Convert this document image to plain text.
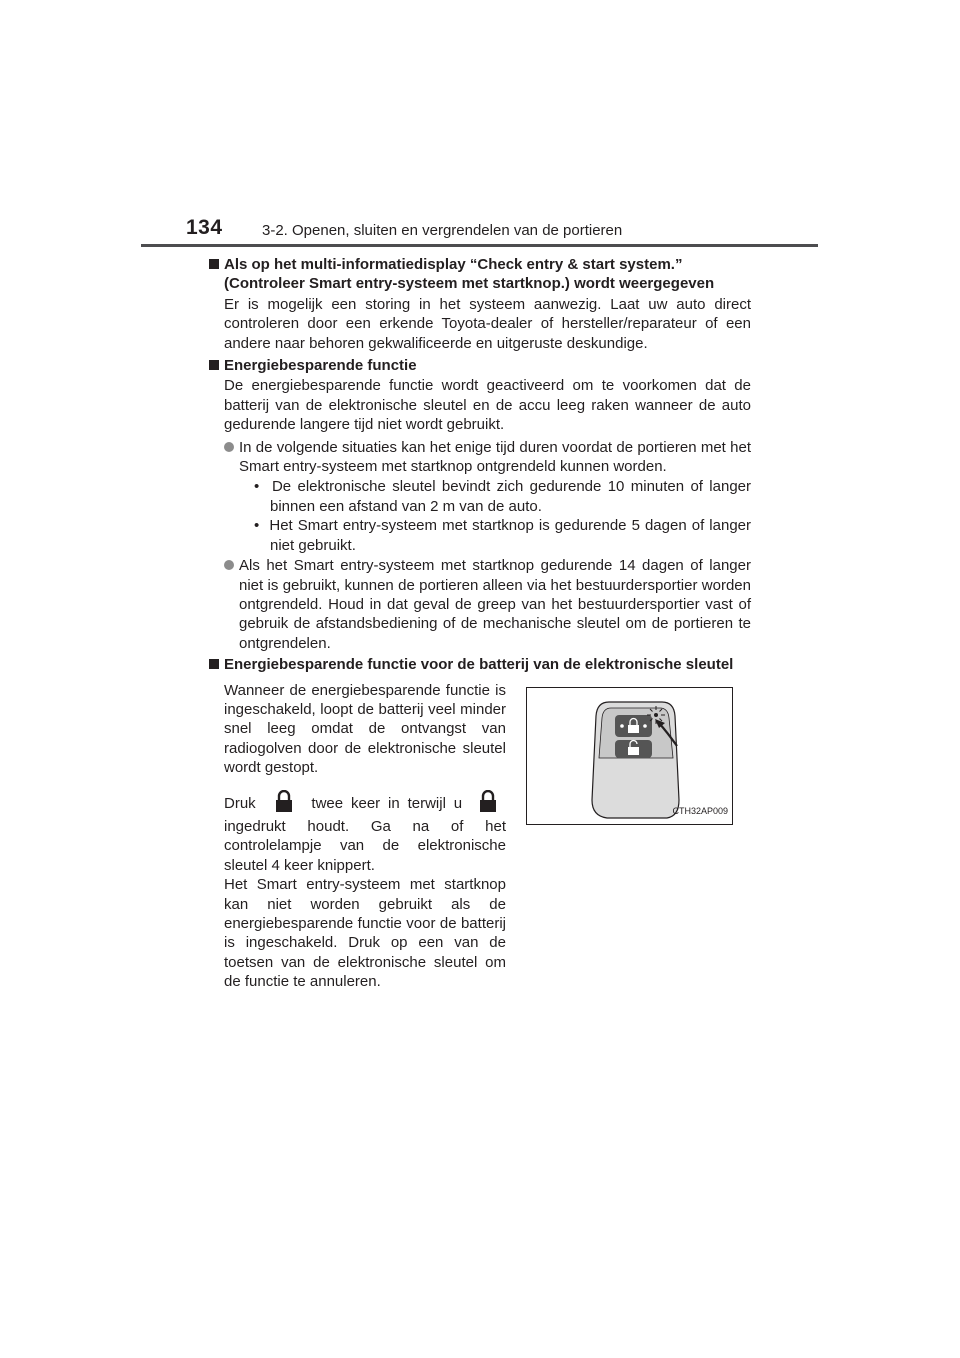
134	3-2. Openen, sluiten en vergrendelen van de portieren

Als op het multi-informatiedisplay “Check entry & start system.” (Controleer Smart entry-systeem met startknop.) wordt weergegeven

Er is mogelijk een storing in het systeem aanwezig. Laat uw auto direct controleren door een erkende Toyota-dealer of hersteller/reparateur of een andere naar behoren gekwalificeerde en uitgeruste deskundige.

Energiebesparende functie

De energiebesparende functie wordt geactiveerd om te voorkomen dat de batterij van de elektronische sleutel en de accu leeg raken wanneer de auto gedurende langere tijd niet wordt gebruikt.

In de volgende situaties kan het enige tijd duren voordat de portieren met het Smart entry-systeem met startknop ontgrendeld kunnen worden.

•  De elektronische sleutel bevindt zich gedurende 10 minuten of langer binnen een afstand van 2 m van de auto.

•  Het Smart entry-systeem met startknop is gedurende 5 dagen of langer niet gebruikt.

Als het Smart entry-systeem met startknop gedurende 14 dagen of langer niet is gebruikt, kunnen de portieren alleen via het bestuurdersportier worden ontgrendeld. Houd in dat geval de greep van het bestuurdersportier vast of gebruik de afstandsbediening of de mechanische sleutel om de portieren te ontgrendelen.

Energiebesparende functie voor de batterij van de elektronische sleutel

Wanneer de energiebesparende functie is ingeschakeld, loopt de batterij veel minder snel leeg omdat de ontvangst van radiogolven door de elektronische sleutel wordt gestopt.

Druk	twee keer in terwijl u  ingedrukt houdt. Ga na of het controlelampje van de elektronische sleutel 4 keer knippert.

Het Smart entry-systeem met startknop kan niet worden gebruikt als de energiebesparende functie voor de batterij is ingeschakeld. Druk op een van de toetsen van de elektronische sleutel om de functie te annuleren.

CTH32AP009
